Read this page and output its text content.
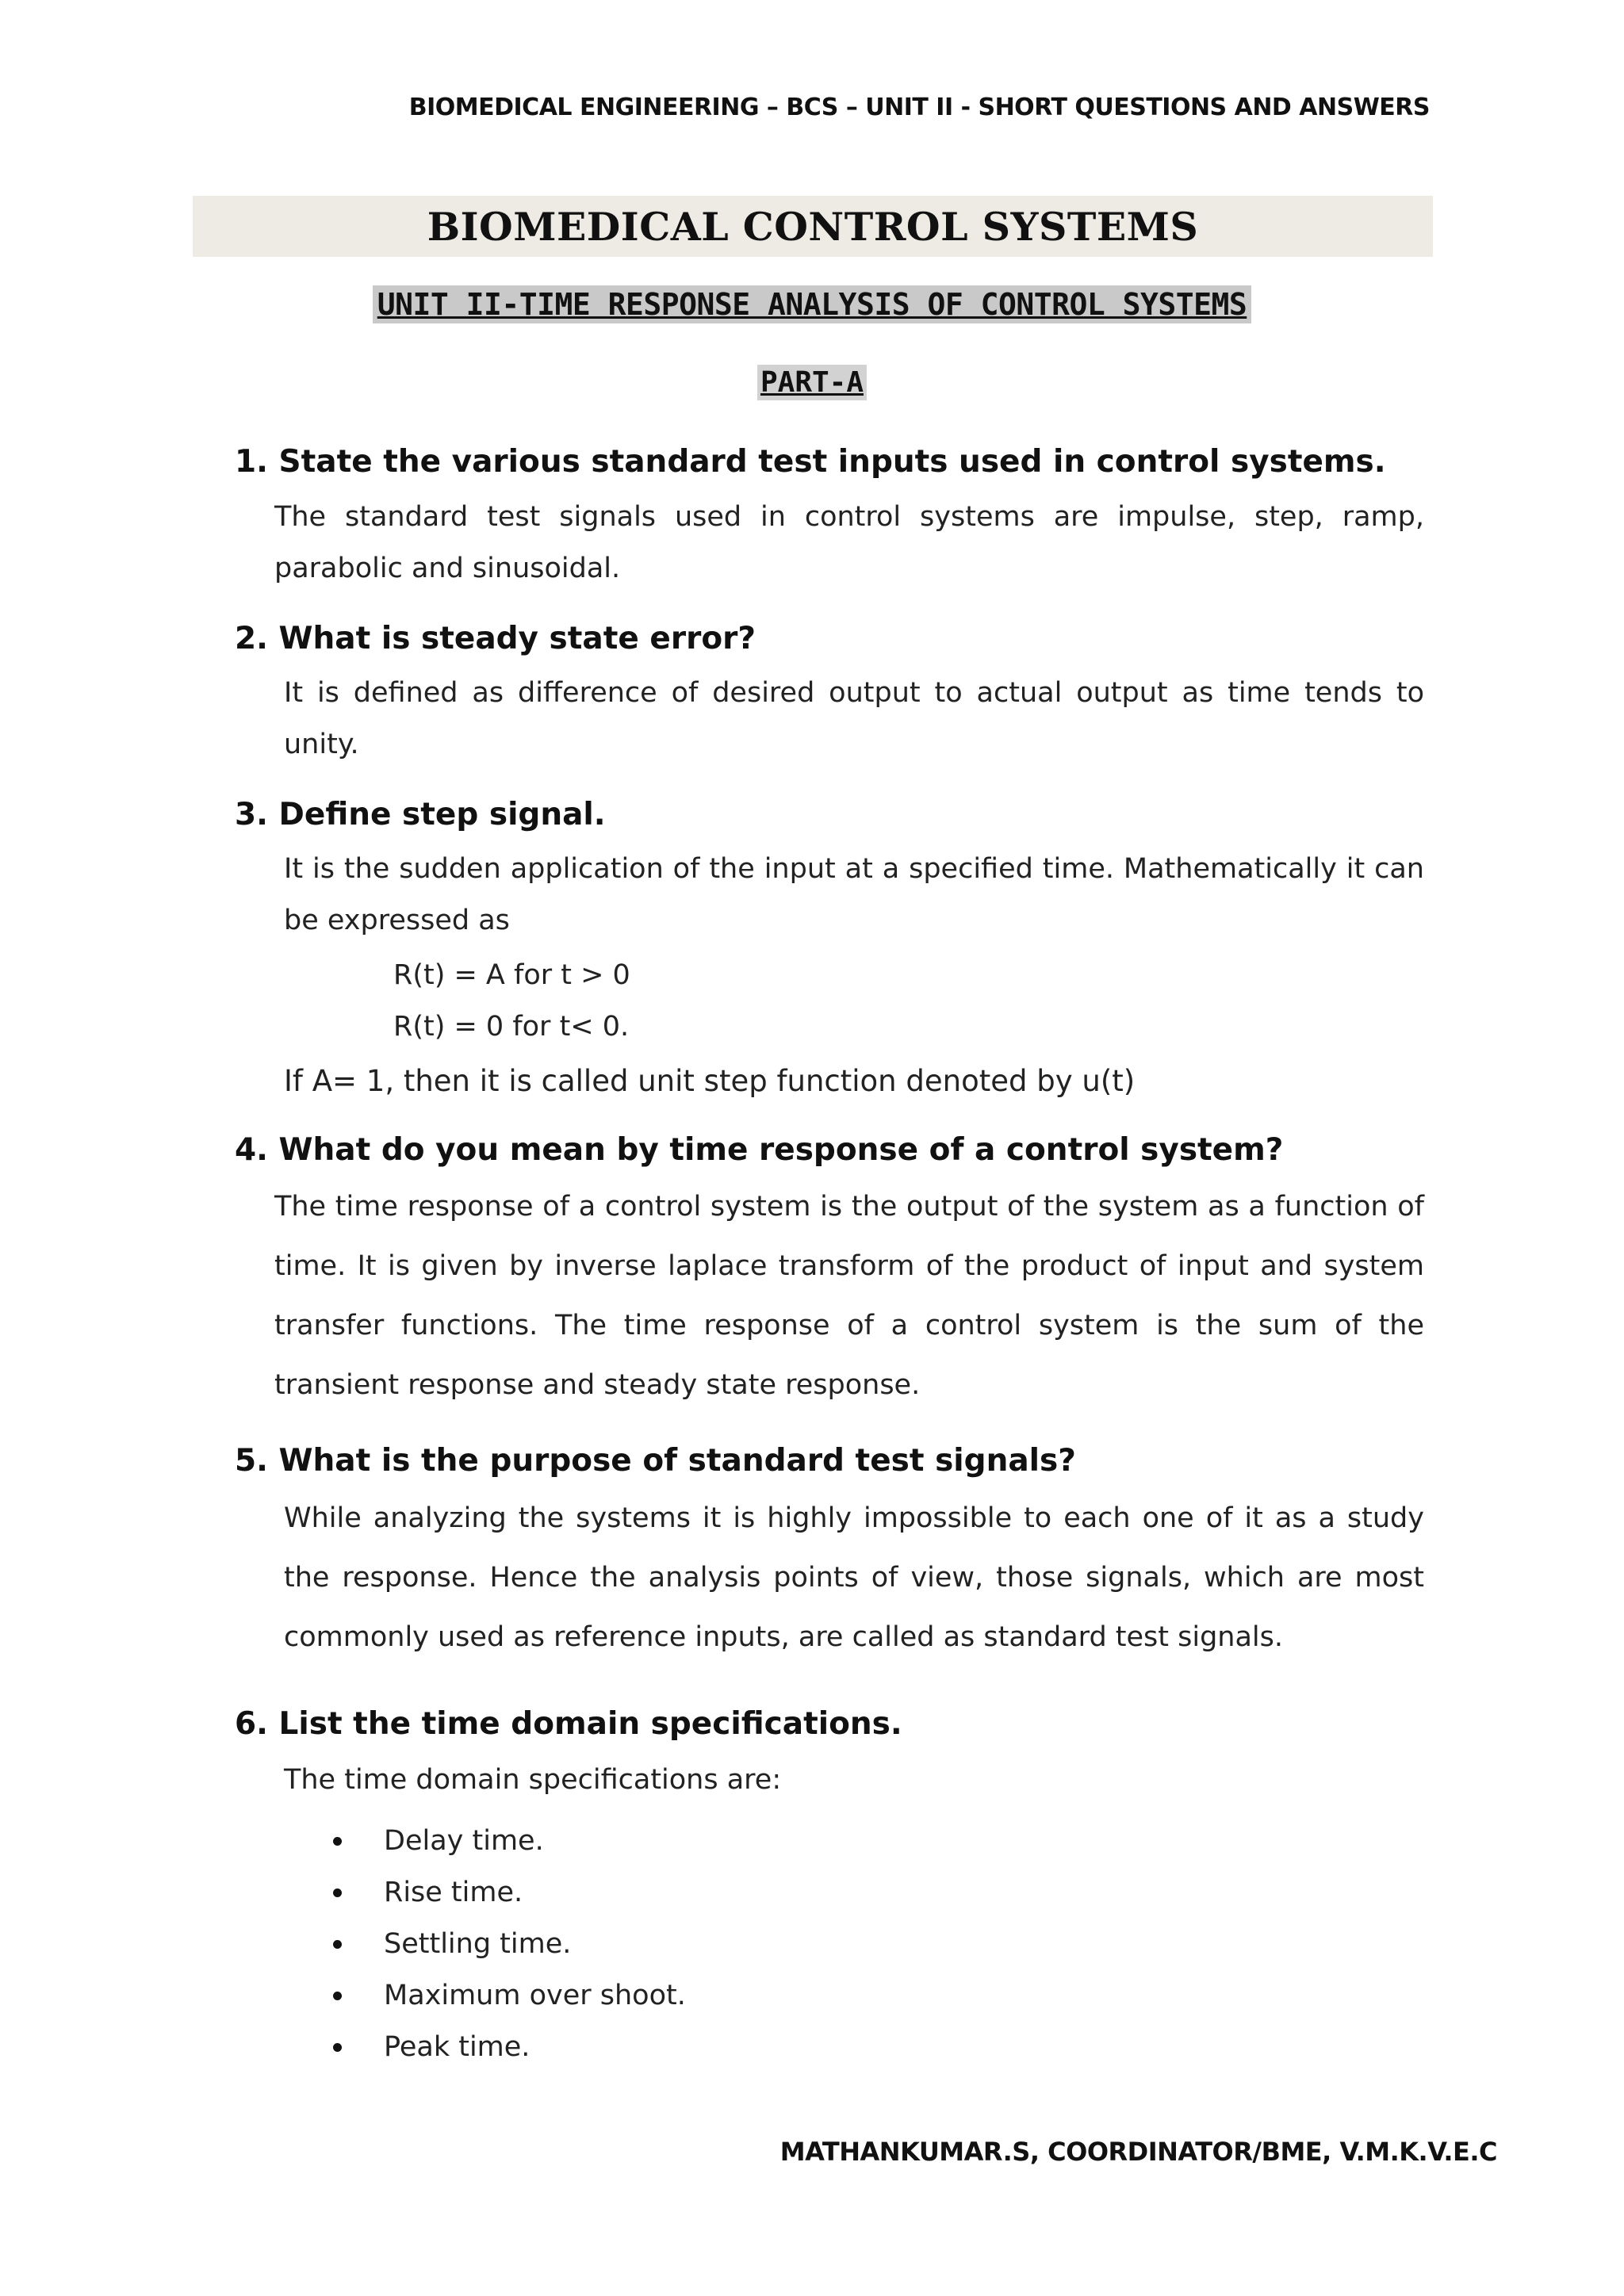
BIOMEDICAL ENGINEERING – BCS – UNIT II - SHORT QUESTIONS AND ANSWERS
BIOMEDICAL CONTROL SYSTEMS
UNIT II-TIME RESPONSE ANALYSIS OF CONTROL SYSTEMS
PART-A
1. State the various standard test inputs used in control systems.
The standard test signals used in control systems are impulse, step, ramp, parabolic and sinusoidal.
2. What is steady state error?
It is defined as difference of desired output to actual output as time tends to unity.
3. Define step signal.
It is the sudden application of the input at a specified time. Mathematically it can be expressed as
R(t) = A for t > 0
R(t) = 0 for t< 0.
If A= 1, then it is called unit step function denoted by u(t)
4. What do you mean by time response of a control system?
The time response of a control system is the output of the system as a function of time. It is given by inverse laplace transform of the product of input and system transfer functions. The time response of a control system is the sum of the transient response and steady state response.
5. What is the purpose of standard test signals?
While analyzing the systems it is highly impossible to each one of it as a study the response. Hence the analysis points of view, those signals, which are most commonly used as reference inputs, are called as standard test signals.
6. List the time domain specifications.
The time domain specifications are:
Delay time.
Rise time.
Settling time.
Maximum over shoot.
Peak time.
MATHANKUMAR.S, COORDINATOR/BME, V.M.K.V.E.C
